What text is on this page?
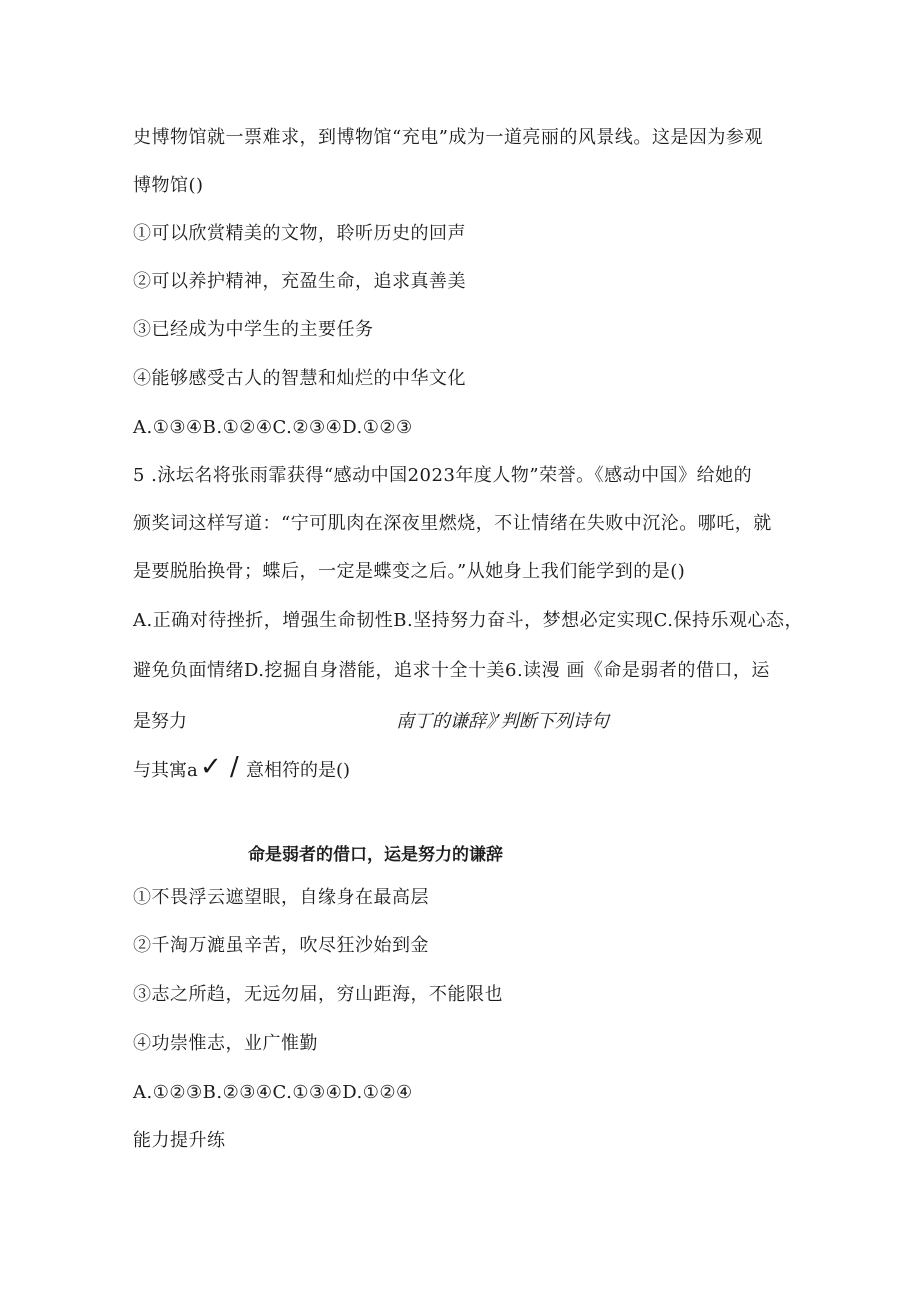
史博物馆就一票难求，到博物馆“充电”成为一道亮丽的风景线。这是因为参观
博物馆()
①可以欣赏精美的文物，聆听历史的回声
②可以养护精神，充盈生命，追求真善美
③已经成为中学生的主要任务
④能够感受古人的智慧和灿烂的中华文化
A.①③④B.①②④C.②③④D.①②③
5 .泳坛名将张雨霏获得“感动中国2023年度人物”荣誉。《感动中国》给她的
颁奖词这样写道：“宁可肌肉在深夜里燃烧，不让情绪在失败中沉沦。哪吒，就
是要脱胎换骨；蝶后，一定是蝶变之后。”从她身上我们能学到的是()
A.正确对待挫折，增强生命韧性B.坚持努力奋斗，梦想必定实现C.保持乐观心态，
避免负面情绪D.挖掘自身潜能，追求十全十美6.读漫 画《命是弱者的借口，运
是努力	南丁的谦辞》’判断下列诗句
与其寓a ✓ / 意相符的是()
命是弱者的借口，运是努力的谦辞
①不畏浮云遮望眼，自缘身在最高层
②千淘万漉虽辛苦，吹尽狂沙始到金
③志之所趋，无远勿届，穷山距海，不能限也
④功崇惟志，业广惟勤
A.①②③B.②③④C.①③④D.①②④
能力提升练
